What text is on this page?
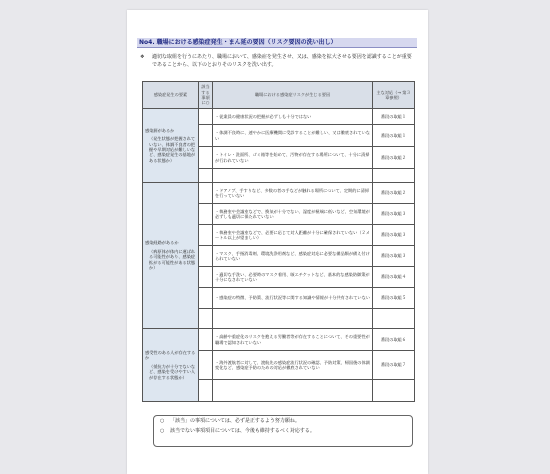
No4. 職場における感染症発生・まん延の要因（リスク要因の洗い出し）
❖	適切な取組を行うにあたり、職場において、感染症を発生させ、又は、感染を拡大させる要因を認識することが重要であることから、以下のとおりそのリスクを洗い出す。
感染症発生の要素	該当する事項に○	職場における感染症リスクが生じる要因	主な対応（→ 第３章参照）

感染源があるか
（発生状態が把握されていない、体調不良者の把握や早期対応が難しいなど、感染症発生の基地がある状態か）		・従業員の健康状況の把握が必ずしも十分ではない	番段の取組１
		・体調不良時に、速やかに医療機関に受診することが難しい、又は徹底されていない	番段の取組１
		・トイレ・洗面所、ゴミ箱等を始めて、汚物が存在する場所について、十分に清掃が行われていない	番段の取組２

感染経路があるか
（病原体が体内に運ばれる可能性があり、感染症拡がる可能性がある状態か）		・ドアノブ、手すりなど、多数の者の手などが触れる場所について、定期的に清掃を行っていない	番段の取組２
		・執務室や会議室などで、換気が十分でない、湿度が極端に低いなど、空気環境が必ずしも適切に保たれていない	番段の取組３
		・執務室や会議室などで、必要に応じて対人距離が十分に確保されていない（２メートル以上が望ましい）	番段の取組３
		・マスク、手指消毒剤、環境洗浄用剤など、感染症対応に必要な備品類が備え付けられていない	番段の取組３
		・適切な手洗い、必要時のマスク着用、咳エチケットなど、基本的な感染防御策が十分になされていない	番段の取組４
		・感染症の特徴、予防策、流行状況等に関する知識や情報が十分共有されていない	番段の取組５

感受性のある人が存在するか
（抵抗力が十分でないなど、感染を受けやすい人が存在する状態か）		・高齢や重症化のリスクを抱える労働者等が存在することについて、その重要性が職場で認知されていない	番段の取組６
		・海外渡航者に対して、渡航先の感染症流行状況の確認、予防対策、帰国後の体調変化など、感染症予防のための対応が徹底されていない	番段の取組７

○ 「該当」の事項については、必ず是正するよう努力願ね。
○ 該当でない事項項目については、今後も維持するべく対応する。
